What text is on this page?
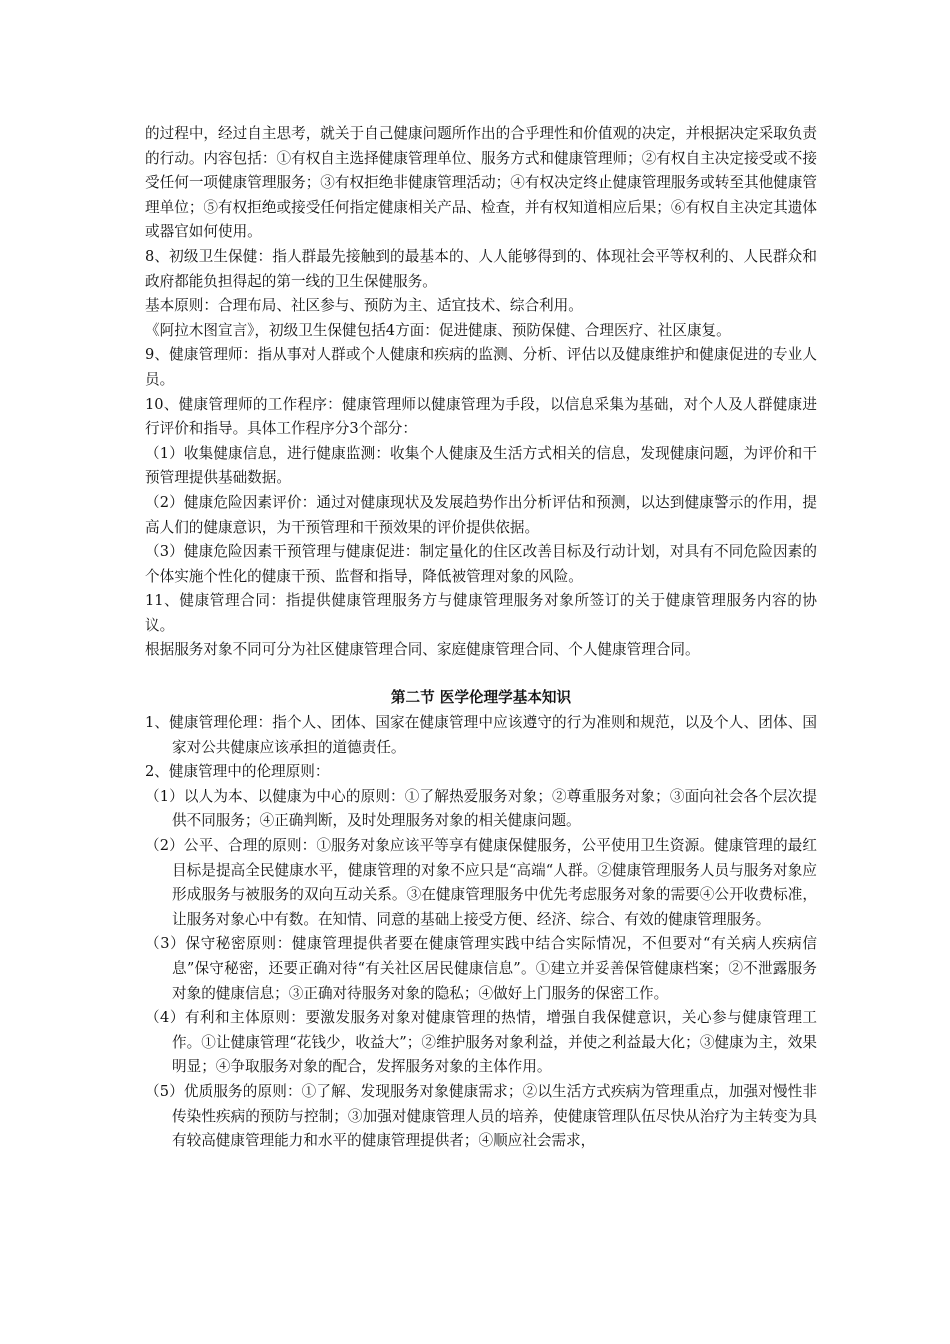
的过程中，经过自主思考，就关于自己健康问题所作出的合乎理性和价值观的决定，并根据决定采取负责的行动。内容包括：①有权自主选择健康管理单位、服务方式和健康管理师；②有权自主决定接受或不接受任何一项健康管理服务；③有权拒绝非健康管理活动；④有权决定终止健康管理服务或转至其他健康管理单位；⑤有权拒绝或接受任何指定健康相关产品、检查，并有权知道相应后果；⑥有权自主决定其遗体或器官如何使用。

8、初级卫生保健：指人群最先接触到的最基本的、人人能够得到的、体现社会平等权利的、人民群众和政府都能负担得起的第一线的卫生保健服务。

基本原则：合理布局、社区参与、预防为主、适宜技术、综合利用。

《阿拉木图宣言》，初级卫生保健包括4方面：促进健康、预防保健、合理医疗、社区康复。

9、健康管理师：指从事对人群或个人健康和疾病的监测、分析、评估以及健康维护和健康促进的专业人员。

10、健康管理师的工作程序：健康管理师以健康管理为手段，以信息采集为基础，对个人及人群健康进行评价和指导。具体工作程序分3个部分：

（1）收集健康信息，进行健康监测：收集个人健康及生活方式相关的信息，发现健康问题，为评价和干预管理提供基础数据。

（2）健康危险因素评价：通过对健康现状及发展趋势作出分析评估和预测，以达到健康警示的作用，提高人们的健康意识，为干预管理和干预效果的评价提供依据。

（3）健康危险因素干预管理与健康促进：制定量化的住区改善目标及行动计划，对具有不同危险因素的个体实施个性化的健康干预、监督和指导，降低被管理对象的风险。

11、健康管理合同：指提供健康管理服务方与健康管理服务对象所签订的关于健康管理服务内容的协议。

根据服务对象不同可分为社区健康管理合同、家庭健康管理合同、个人健康管理合同。

第二节 医学伦理学基本知识

1、健康管理伦理：指个人、团体、国家在健康管理中应该遵守的行为准则和规范，以及个人、团体、国家对公共健康应该承担的道德责任。

2、健康管理中的伦理原则：

（1）以人为本、以健康为中心的原则：①了解热爱服务对象；②尊重服务对象；③面向社会各个层次提供不同服务；④正确判断，及时处理服务对象的相关健康问题。

（2）公平、合理的原则：①服务对象应该平等享有健康保健服务，公平使用卫生资源。健康管理的最红目标是提高全民健康水平，健康管理的对象不应只是“高端“人群。②健康管理服务人员与服务对象应形成服务与被服务的双向互动关系。③在健康管理服务中优先考虑服务对象的需要④公开收费标准，让服务对象心中有数。在知情、同意的基础上接受方便、经济、综合、有效的健康管理服务。

（3）保守秘密原则：健康管理提供者要在健康管理实践中结合实际情况，不但要对“有关病人疾病信息”保守秘密，还要正确对待“有关社区居民健康信息”。①建立并妥善保管健康档案；②不泄露服务对象的健康信息；③正确对待服务对象的隐私；④做好上门服务的保密工作。

（4）有利和主体原则：要激发服务对象对健康管理的热情，增强自我保健意识，关心参与健康管理工作。①让健康管理“花钱少，收益大”；②维护服务对象利益，并使之利益最大化；③健康为主，效果明显；④争取服务对象的配合，发挥服务对象的主体作用。

（5）优质服务的原则：①了解、发现服务对象健康需求；②以生活方式疾病为管理重点，加强对慢性非传染性疾病的预防与控制；③加强对健康管理人员的培养，使健康管理队伍尽快从治疗为主转变为具有较高健康管理能力和水平的健康管理提供者；④顺应社会需求，
